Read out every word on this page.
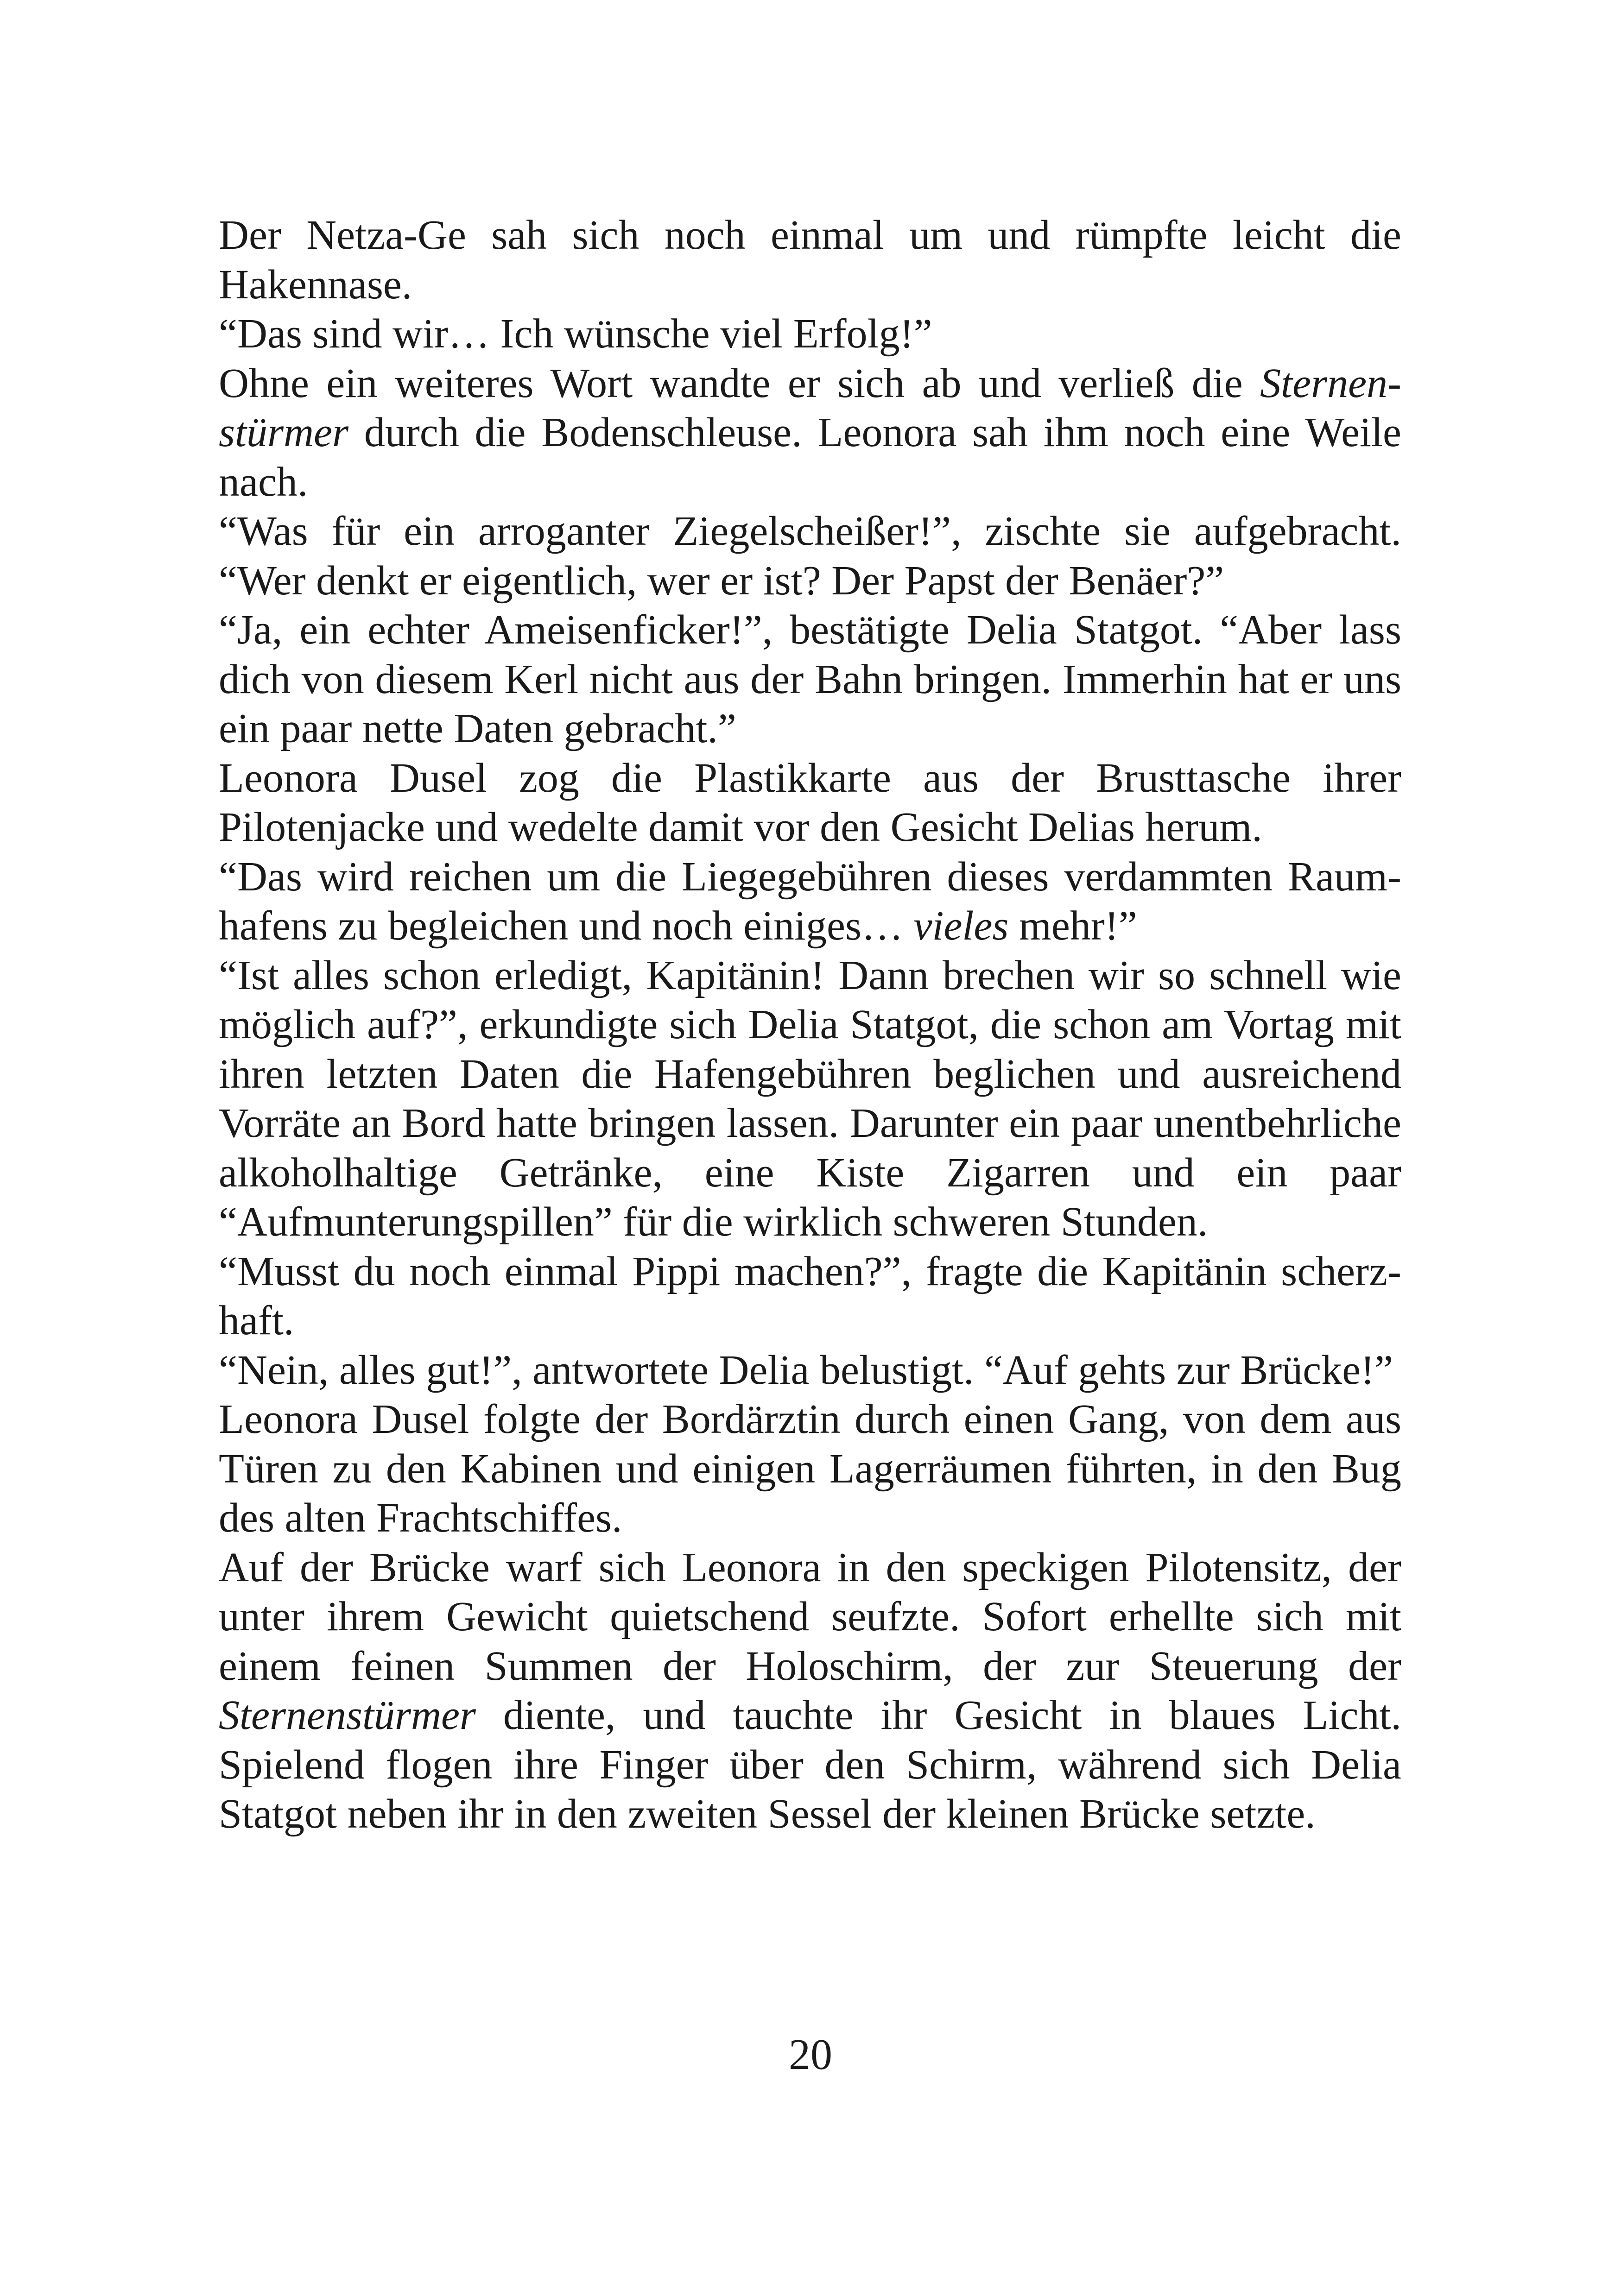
Der Netza-Ge sah sich noch einmal um und rümpfte leicht die Hakennase.

“Das sind wir… Ich wünsche viel Erfolg!”

Ohne ein weiteres Wort wandte er sich ab und verließ die Sternenstürmer durch die Bodenschleuse. Leonora sah ihm noch eine Weile nach.

“Was für ein arroganter Ziegelscheißer!”, zischte sie aufgebracht. “Wer denkt er eigentlich, wer er ist? Der Papst der Benäer?”

“Ja, ein echter Ameisenficker!”, bestätigte Delia Statgot. “Aber lass dich von diesem Kerl nicht aus der Bahn bringen. Immerhin hat er uns ein paar nette Daten gebracht.”

Leonora Dusel zog die Plastikkarte aus der Brusttasche ihrer Pilotenjacke und wedelte damit vor den Gesicht Delias herum.

“Das wird reichen um die Liegegebühren dieses verdammten Raumhafens zu begleichen und noch einiges… vieles mehr!”

“Ist alles schon erledigt, Kapitänin! Dann brechen wir so schnell wie möglich auf?”, erkundigte sich Delia Statgot, die schon am Vortag mit ihren letzten Daten die Hafengebühren beglichen und ausreichend Vorräte an Bord hatte bringen lassen. Darunter ein paar unentbehrliche alkoholhaltige Getränke, eine Kiste Zigarren und ein paar “Aufmunterungspillen” für die wirklich schweren Stunden.

“Musst du noch einmal Pippi machen?”, fragte die Kapitänin scherzhaft.

“Nein, alles gut!”, antwortete Delia belustigt. “Auf gehts zur Brücke!”

Leonora Dusel folgte der Bordärztin durch einen Gang, von dem aus Türen zu den Kabinen und einigen Lagerräumen führten, in den Bug des alten Frachtschiffes.

Auf der Brücke warf sich Leonora in den speckigen Pilotensitz, der unter ihrem Gewicht quietschend seufzte. Sofort erhellte sich mit einem feinen Summen der Holoschirm, der zur Steuerung der Sternenstürmer diente, und tauchte ihr Gesicht in blaues Licht. Spielend flogen ihre Finger über den Schirm, während sich Delia Statgot neben ihr in den zweiten Sessel der kleinen Brücke setzte.

20
